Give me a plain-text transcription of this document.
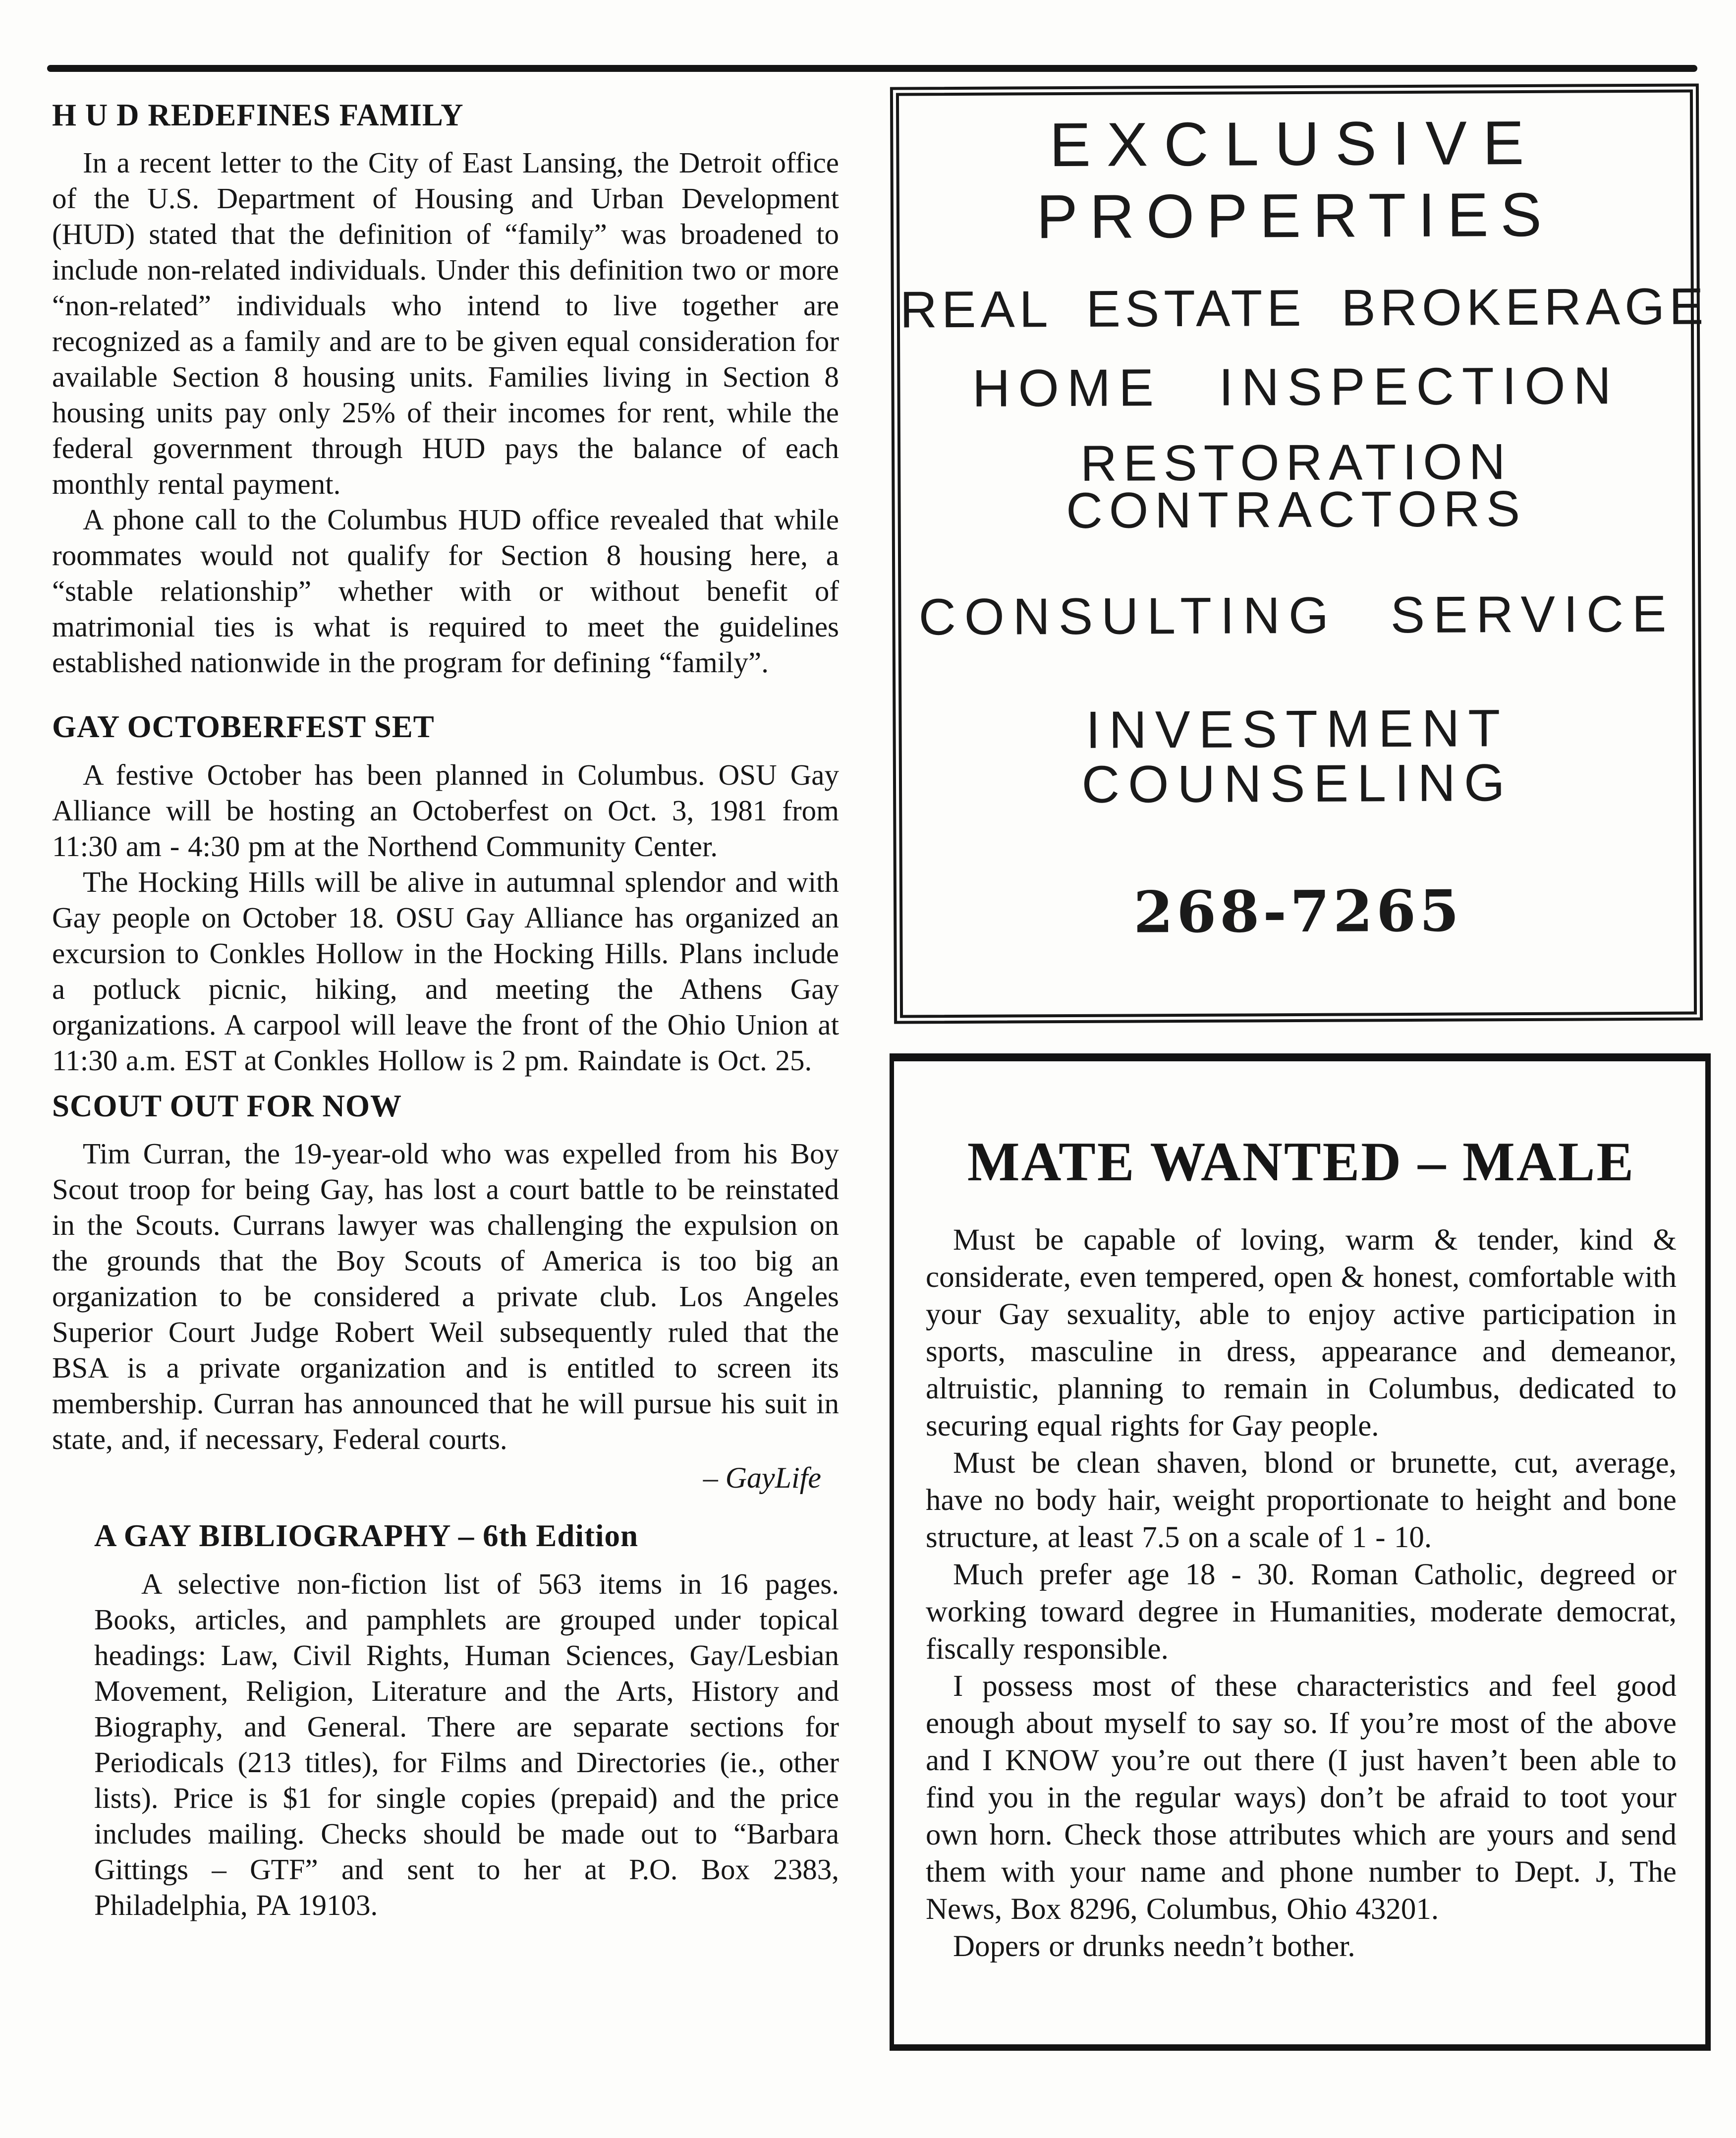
H U D REDEFINES FAMILY

In a recent letter to the City of East Lansing, the Detroit office of the U.S. Department of Housing and Urban Development (HUD) stated that the definition of “family” was broadened to include non-related individuals. Under this definition two or more “non-related” individuals who intend to live together are recognized as a family and are to be given equal consideration for available Section 8 housing units. Families living in Section 8 housing units pay only 25% of their incomes for rent, while the federal government through HUD pays the balance of each monthly rental payment.

A phone call to the Columbus HUD office revealed that while roommates would not qualify for Section 8 housing here, a “stable relationship” whether with or without benefit of matrimonial ties is what is required to meet the guidelines established nationwide in the program for defining “family”.

GAY OCTOBERFEST SET

A festive October has been planned in Columbus. OSU Gay Alliance will be hosting an Octoberfest on Oct. 3, 1981 from 11:30 am - 4:30 pm at the Northend Community Center.

The Hocking Hills will be alive in autumnal splendor and with Gay people on October 18. OSU Gay Alliance has organized an excursion to Conkles Hollow in the Hocking Hills. Plans include a potluck picnic, hiking, and meeting the Athens Gay organizations. A carpool will leave the front of the Ohio Union at 11:30 a.m. EST at Conkles Hollow is 2 pm. Raindate is Oct. 25.

SCOUT OUT FOR NOW

Tim Curran, the 19-year-old who was expelled from his Boy Scout troop for being Gay, has lost a court battle to be reinstated in the Scouts. Currans lawyer was challenging the expulsion on the grounds that the Boy Scouts of America is too big an organization to be considered a private club. Los Angeles Superior Court Judge Robert Weil subsequently ruled that the BSA is a private organization and is entitled to screen its membership. Curran has announced that he will pursue his suit in state, and, if necessary, Federal courts.

– GayLife
A GAY BIBLIOGRAPHY – 6th Edition

A selective non-fiction list of 563 items in 16 pages. Books, articles, and pamphlets are grouped under topical headings: Law, Civil Rights, Human Sciences, Gay/Lesbian Movement, Religion, Literature and the Arts, History and Biography, and General. There are separate sections for Periodicals (213 titles), for Films and Directories (ie., other lists). Price is $1 for single copies (prepaid) and the price includes mailing. Checks should be made out to “Barbara Gittings – GTF” and sent to her at P.O. Box 2383, Philadelphia, PA 19103.

EXCLUSIVE
PROPERTIES
REAL ESTATE BROKERAGE
HOME INSPECTION
RESTORATION
CONTRACTORS
CONSULTING SERVICE
INVESTMENT
COUNSELING
268-7265
MATE WANTED – MALE

Must be capable of loving, warm & tender, kind & considerate, even tempered, open & honest, comfortable with your Gay sexuality, able to enjoy active participation in sports, masculine in dress, appearance and demeanor, altruistic, planning to remain in Columbus, dedicated to securing equal rights for Gay people.

Must be clean shaven, blond or brunette, cut, average, have no body hair, weight proportionate to height and bone structure, at least 7.5 on a scale of 1 - 10.

Much prefer age 18 - 30. Roman Catholic, degreed or working toward degree in Humanities, moderate democrat, fiscally responsible.

I possess most of these characteristics and feel good enough about myself to say so. If you’re most of the above and I KNOW you’re out there (I just haven’t been able to find you in the regular ways) don’t be afraid to toot your own horn. Check those attributes which are yours and send them with your name and phone number to Dept. J, The News, Box 8296, Columbus, Ohio 43201.

Dopers or drunks needn’t bother.
